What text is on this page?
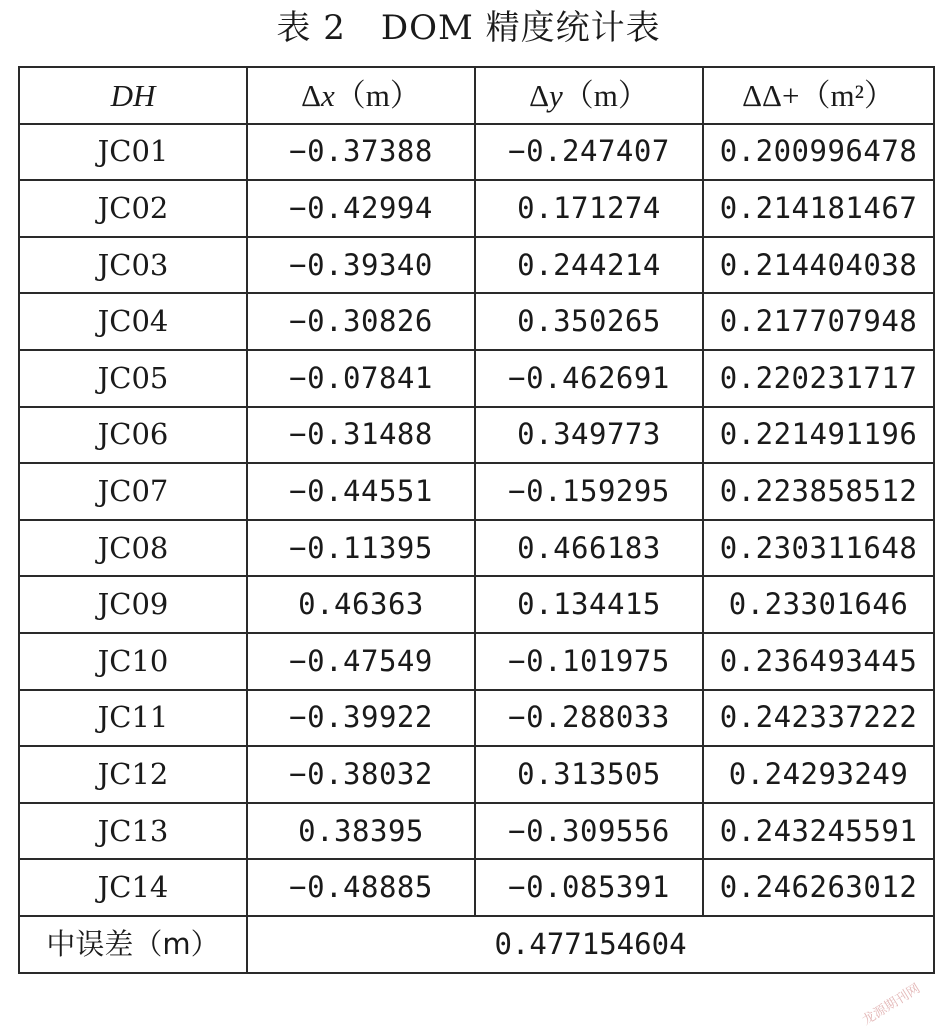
表 2　DOM 精度统计表
DH	Δx（m）	Δy（m）	ΔΔ+（m²）
JC01	−0.37388	−0.247407	0.200996478
JC02	−0.42994	0.171274	0.214181467
JC03	−0.39340	0.244214	0.214404038
JC04	−0.30826	0.350265	0.217707948
JC05	−0.07841	−0.462691	0.220231717
JC06	−0.31488	0.349773	0.221491196
JC07	−0.44551	−0.159295	0.223858512
JC08	−0.11395	0.466183	0.230311648
JC09	0.46363	0.134415	0.23301646
JC10	−0.47549	−0.101975	0.236493445
JC11	−0.39922	−0.288033	0.242337222
JC12	−0.38032	0.313505	0.24293249
JC13	0.38395	−0.309556	0.243245591
JC14	−0.48885	−0.085391	0.246263012
中误差（m）	0.477154604		
龙源期刊网
